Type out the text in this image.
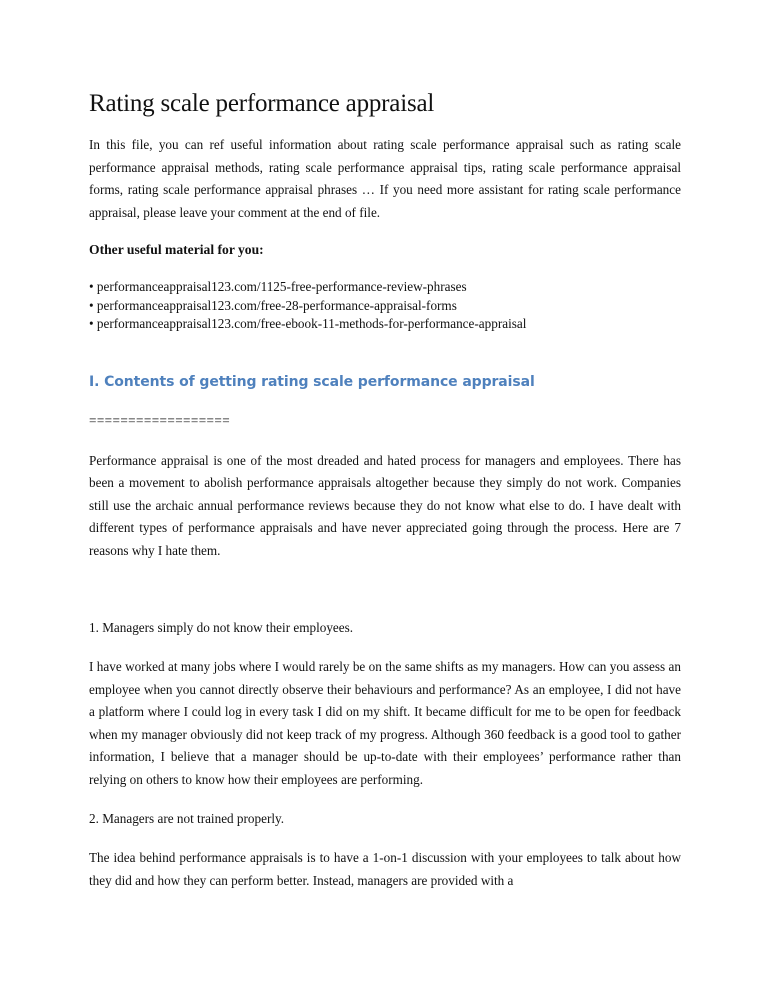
Rating scale performance appraisal

In this file, you can ref useful information about rating scale performance appraisal such as rating scale performance appraisal methods, rating scale performance appraisal tips, rating scale performance appraisal forms, rating scale performance appraisal phrases … If you need more assistant for rating scale performance appraisal, please leave your comment at the end of file.

Other useful material for you:

• performanceappraisal123.com/1125-free-performance-review-phrases
• performanceappraisal123.com/free-28-performance-appraisal-forms
• performanceappraisal123.com/free-ebook-11-methods-for-performance-appraisal
I. Contents of getting rating scale performance appraisal

==================

Performance appraisal is one of the most dreaded and hated process for managers and employees. There has been a movement to abolish performance appraisals altogether because they simply do not work. Companies still use the archaic annual performance reviews because they do not know what else to do. I have dealt with different types of performance appraisals and have never appreciated going through the process. Here are 7 reasons why I hate them.

1. Managers simply do not know their employees.

I have worked at many jobs where I would rarely be on the same shifts as my managers. How can you assess an employee when you cannot directly observe their behaviours and performance? As an employee, I did not have a platform where I could log in every task I did on my shift. It became difficult for me to be open for feedback when my manager obviously did not keep track of my progress. Although 360 feedback is a good tool to gather information, I believe that a manager should be up-to-date with their employees’ performance rather than relying on others to know how their employees are performing.

2. Managers are not trained properly.

The idea behind performance appraisals is to have a 1-on-1 discussion with your employees to talk about how they did and how they can perform better. Instead, managers are provided with a
